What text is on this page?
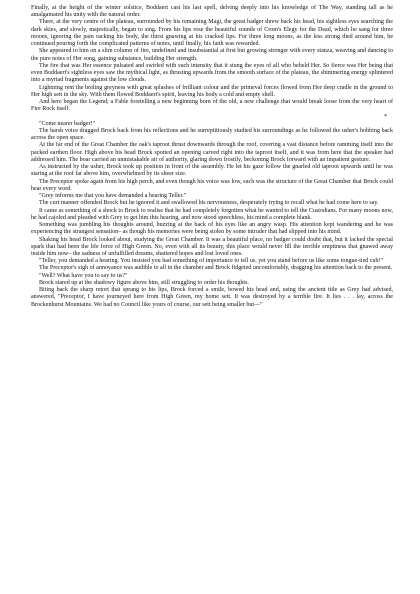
Finally, at the height of the winter solstice, Boddaert cast his last spell, delving deeply into his knowledge of The Way, standing tall as he amalgamated his unity with the natural order.

There, at the very centre of the plateau, surrounded by his remaining Magi, the great badger threw back his head, his sightless eyes searching the dark skies, and slowly, majestically, began to sing. From his lips rose the beautiful sounds of Crom's Elegy for the Dead, which he sang for three moons, ignoring the pain racking his body, the thirst gnawing at his cracked lips. For three long moons, as the less strong died around him, he continued pouring forth the complicated patterns of notes, until finally, his faith was rewarded.

She appeared to him on a slim column of fire, undefined and insubstantial at first but growing stronger with every stanza, weaving and dancing to the pure notes of Her song, gaining substance, building Her strength.

The fire that was Her essence pulsated and swirled with such intensity that it stung the eyes of all who beheld Her. So fierce was Her being that even Boddaert's sightless eyes saw the mythical light, as thrusting upwards from the smooth surface of the plateau, the shimmering energy splintered into a myriad fragments against the low clouds.

Lightning rent the boiling greyness with great splashes of brilliant colour and the primeval forces flowed from Her deep cradle in the ground to Her high sett in the sky. With them flowed Boddaert's spirit, leaving his body a cold and empty shell.

And here began the Legend; a Fable foretelling a new beginning born of the old, a new challenge that would break loose from the very heart of Fire Rock itself.

*

"Come nearer badger!"

The harsh voice dragged Brock back from his reflections and he surreptitiously studied his surroundings as he followed the usher's bobbing back across the open space.

At the far end of the Great Chamber the oak's taproot thrust downwards through the roof, covering a vast distance before ramming itself into the packed earthen floor. High above his head Brock spotted an opening carved right into the taproot itself, and it was from here that the speaker had addressed him. The boar carried an unmistakable air of authority, glaring down frostily, beckoning Brock forward with an impatient gesture.

As instructed by the usher, Brock took up position in front of the assembly. He let his gaze follow the gnarled old taproot upwards until he was staring at the roof far above him, overwhelmed by its sheer size.

The Preceptor spoke again from his high perch, and even though his voice was low, such was the structure of the Great Chamber that Brock could hear every word.

"Grey informs me that you have demanded a hearing Teller."

The curt manner offended Brock but he ignored it and swallowed his nervousness, desperately trying to recall what he had come here to say.

It came as something of a shock to Brock to realise that he had completely forgotten what he wanted to tell the Custodians. For many moons now, he had cajoled and pleaded with Grey to get him this hearing, and now stood speechless, his mind a complete blank.

Something was jumbling his thoughts around, buzzing at the back of his eyes like an angry wasp. His attention kept wandering and he was experiencing the strangest sensation– as though his memories were being stolen by some intruder that had slipped into his mind.

Shaking his head Brock looked about, studying the Great Chamber. It was a beautiful place, no badger could doubt that, but it lacked the special spark that had been the life force of High Green. No, even with all its beauty, this place would never fill the terrible emptiness that gnawed away inside him now– the sadness of unfulfilled dreams, shattered hopes and lost loved ones.

"Teller, you demanded a hearing. You insisted you had something of importance to tell us, yet you stand before us like some tongue-tied cub!"

The Preceptor's sigh of annoyance was audible to all in the chamber and Brock fidgeted uncomfortably, dragging his attention back to the present.

"Well? What have you to say to us?"

Brock stared up at the shadowy figure above him, still struggling to order his thoughts.

Biting back the sharp retort that sprang to his lips, Brock forced a smile, bowed his head and, using the ancient title as Grey had advised, answered, "Preceptor, I have journeyed here from High Green, my home sett. It was destroyed by a terrible fire. It lies . . . lay, across the Brockenhurst Mountains. We had no Council like yours of course, our sett being smaller but—"
